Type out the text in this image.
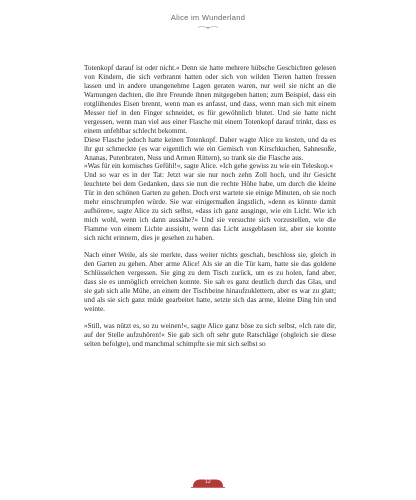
Alice im Wunderland

Totenkopf darauf ist oder nicht.« Denn sie hatte mehrere hübsche Geschichten gelesen von Kindern, die sich verbrannt hatten oder sich von wilden Tieren hatten fressen lassen und in andere unangenehme Lagen geraten waren, nur weil sie nicht an die Warnungen dachten, die ihre Freunde ihnen mitgegeben hatten; zum Beispiel, dass ein rotglühendes Eisen brennt, wenn man es anfasst, und dass, wenn man sich mit einem Messer tief in den Finger schneidet, es für gewöhnlich blutet. Und sie hatte nicht vergessen, wenn man viel aus einer Flasche mit einem Totenkopf darauf trinkt, dass es einem unfehlbar schlecht bekommt.

Diese Flasche jedoch hatte keinen Totenkopf. Daher wagte Alice zu kosten, und da es ihr gut schmeckte (es war eigentlich wie ein Gemisch von Kirschkuchen, Sahnesoße, Ananas, Putenbraten, Nuss und Armen Rittern), so trank sie die Flasche aus.

»Was für ein komisches Gefühl!«, sagte Alice. »Ich gehe gewiss zu wie ein Teleskop.«

Und so war es in der Tat: Jetzt war sie nur noch zehn Zoll hoch, und ihr Gesicht leuchtete bei dem Gedanken, dass sie nun die rechte Höhe habe, um durch die kleine Tür in den schönen Garten zu gehen. Doch erst wartete sie einige Minuten, ob sie noch mehr einschrumpfen würde. Sie war einigermaßen ängstlich, »denn es könnte damit aufhören«, sagte Alice zu sich selbst, »dass ich ganz ausginge, wie ein Licht. Wie ich mich wohl, wenn ich dann aussähe?« Und sie versuchte sich vorzustellen, wie die Flamme von einem Lichte aussieht, wenn das Licht ausgeblasen ist, aber sie konnte sich nicht erinnern, dies je gesehen zu haben.

Nach einer Weile, als sie merkte, dass weiter nichts geschah, beschloss sie, gleich in den Garten zu gehen. Aber arme Alice! Als sie an die Tür kam, hatte sie das goldene Schlüsselchen vergessen. Sie ging zu dem Tisch zurück, um es zu holen, fand aber, dass sie es unmöglich erreichen konnte. Sie sah es ganz deutlich durch das Glas, und sie gab sich alle Mühe, an einem der Tischbeine hinaufzuklettern, aber es war zu glatt; und als sie sich ganz müde gearbeitet hatte, setzte sich das arme, kleine Ding hin und weinte.

»Still, was nützt es, so zu weinen!«, sagte Alice ganz böse zu sich selbst, »Ich rate dir, auf der Stelle aufzuhören!« Sie gab sich oft sehr gute Ratschläge (obgleich sie diese selten befolgte), und manchmal schimpfte sie mit sich selbst so

12
